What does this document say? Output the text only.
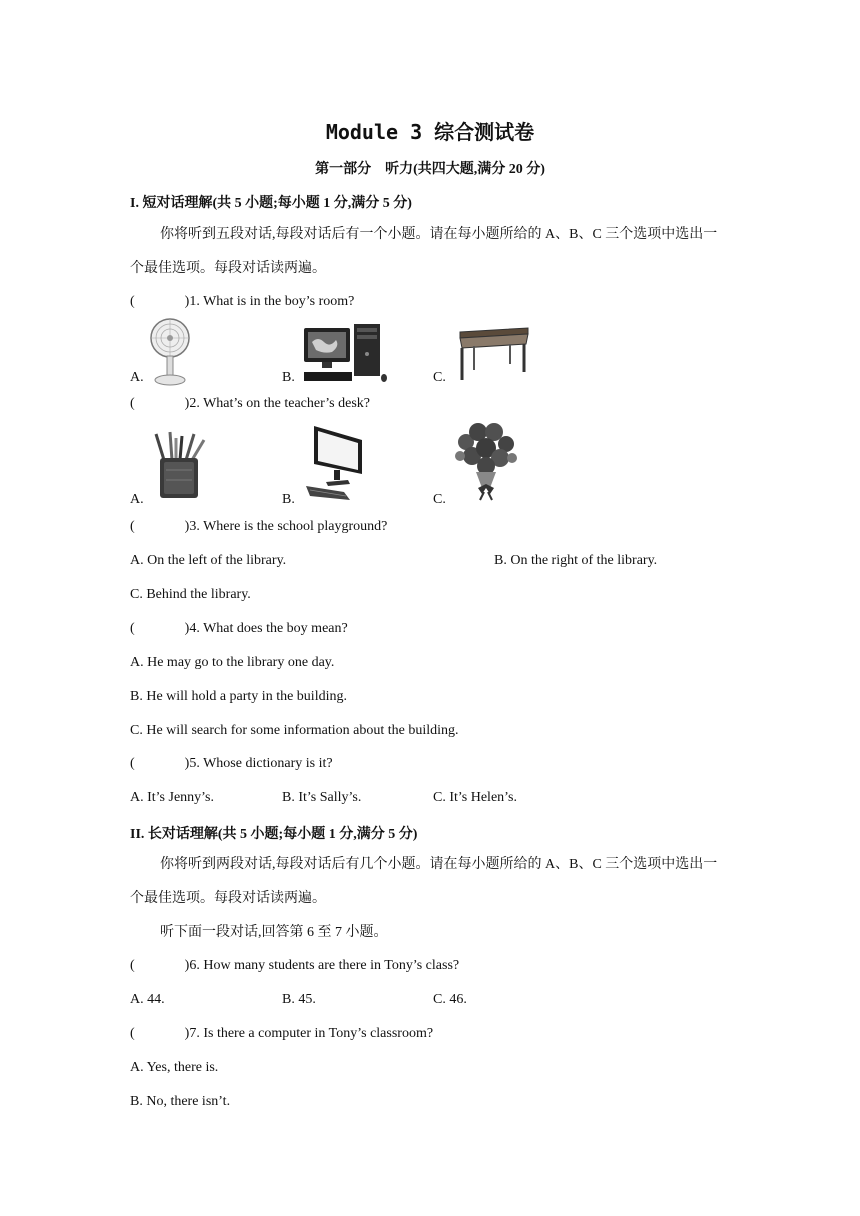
Module 3 综合测试卷
第一部分　听力(共四大题,满分 20 分)
I. 短对话理解(共 5 小题;每小题 1 分,满分 5 分)
你将听到五段对话,每段对话后有一个小题。请在每小题所给的 A、B、C 三个选项中选出一个最佳选项。每段对话读两遍。
(	)1. What is in the boy’s room?
A.	B.	C.
(	)2. What’s on the teacher’s desk?
A.	B.	C.
(	)3. Where is the school playground?
A. On the left of the library.	B. On the right of the library.
C. Behind the library.
(	)4. What does the boy mean?
A. He may go to the library one day.
B. He will hold a party in the building.
C. He will search for some information about the building.
(	)5. Whose dictionary is it?
A. It’s Jenny’s.	B. It’s Sally’s.	C. It’s Helen’s.
II. 长对话理解(共 5 小题;每小题 1 分,满分 5 分)
你将听到两段对话,每段对话后有几个小题。请在每小题所给的 A、B、C 三个选项中选出一个最佳选项。每段对话读两遍。
听下面一段对话,回答第 6 至 7 小题。
(	)6. How many students are there in Tony’s class?
A. 44.	B. 45.	C. 46.
(	)7. Is there a computer in Tony’s classroom?
A. Yes, there is.
B. No, there isn’t.
